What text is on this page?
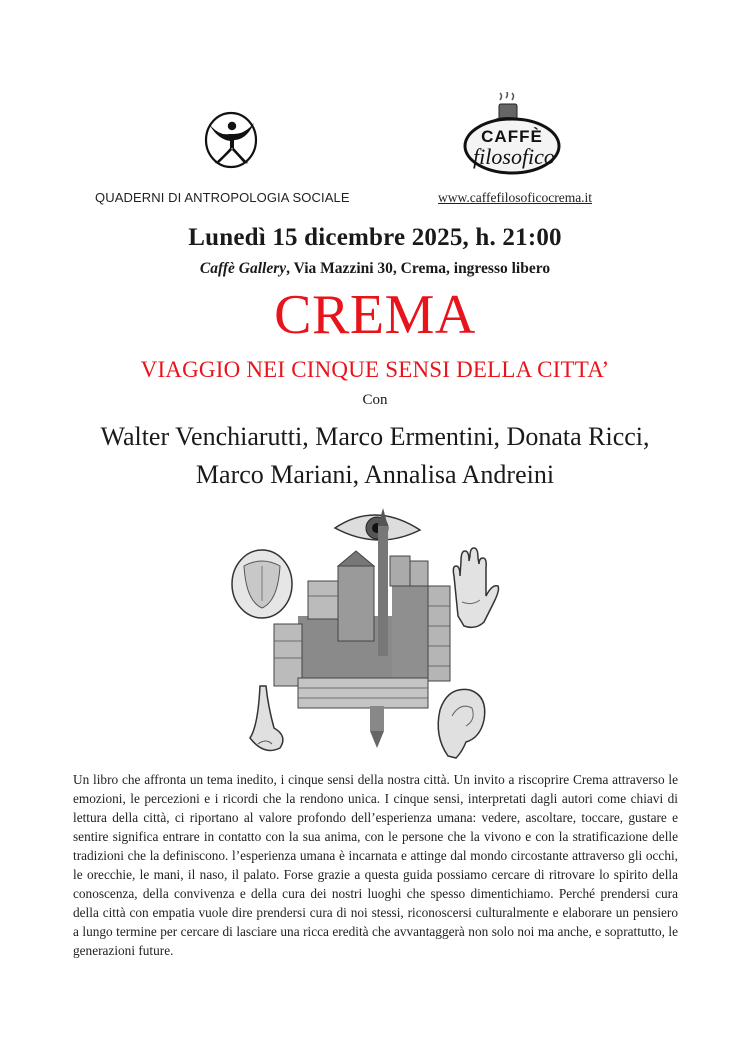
CAFFÈ
filosofico
QUADERNI DI ANTROPOLOGIA SOCIALE	www.caffefilosoficocrema.it
Lunedì 15 dicembre 2025, h. 21:00
Caffè Gallery, Via Mazzini 30, Crema, ingresso libero
CREMA
VIAGGIO NEI CINQUE SENSI DELLA CITTA’
Con
Walter Venchiarutti, Marco Ermentini, Donata Ricci,
Marco Mariani, Annalisa Andreini
Un libro che affronta un tema inedito, i cinque sensi della nostra città. Un invito a riscoprire Crema attraverso le emozioni, le percezioni e i ricordi che la rendono unica. I cinque sensi, interpretati dagli autori come chiavi di lettura della città, ci riportano al valore profondo dell’esperienza umana: vedere, ascoltare, toccare, gustare e sentire significa entrare in contatto con la sua anima, con le persone che la vivono e con la stratificazione delle tradizioni che la definiscono. l’esperienza umana è incarnata e attinge dal mondo circostante attraverso gli occhi, le orecchie, le mani, il naso, il palato. Forse grazie a questa guida possiamo cercare di ritrovare lo spirito della conoscenza, della convivenza e della cura dei nostri luoghi che spesso dimentichiamo. Perché prendersi cura della città con empatia vuole dire prendersi cura di noi stessi, riconoscersi culturalmente e elaborare un pensiero a lungo termine per cercare di lasciare una ricca eredità che avvantaggerà non solo noi ma anche, e soprattutto, le generazioni future.
